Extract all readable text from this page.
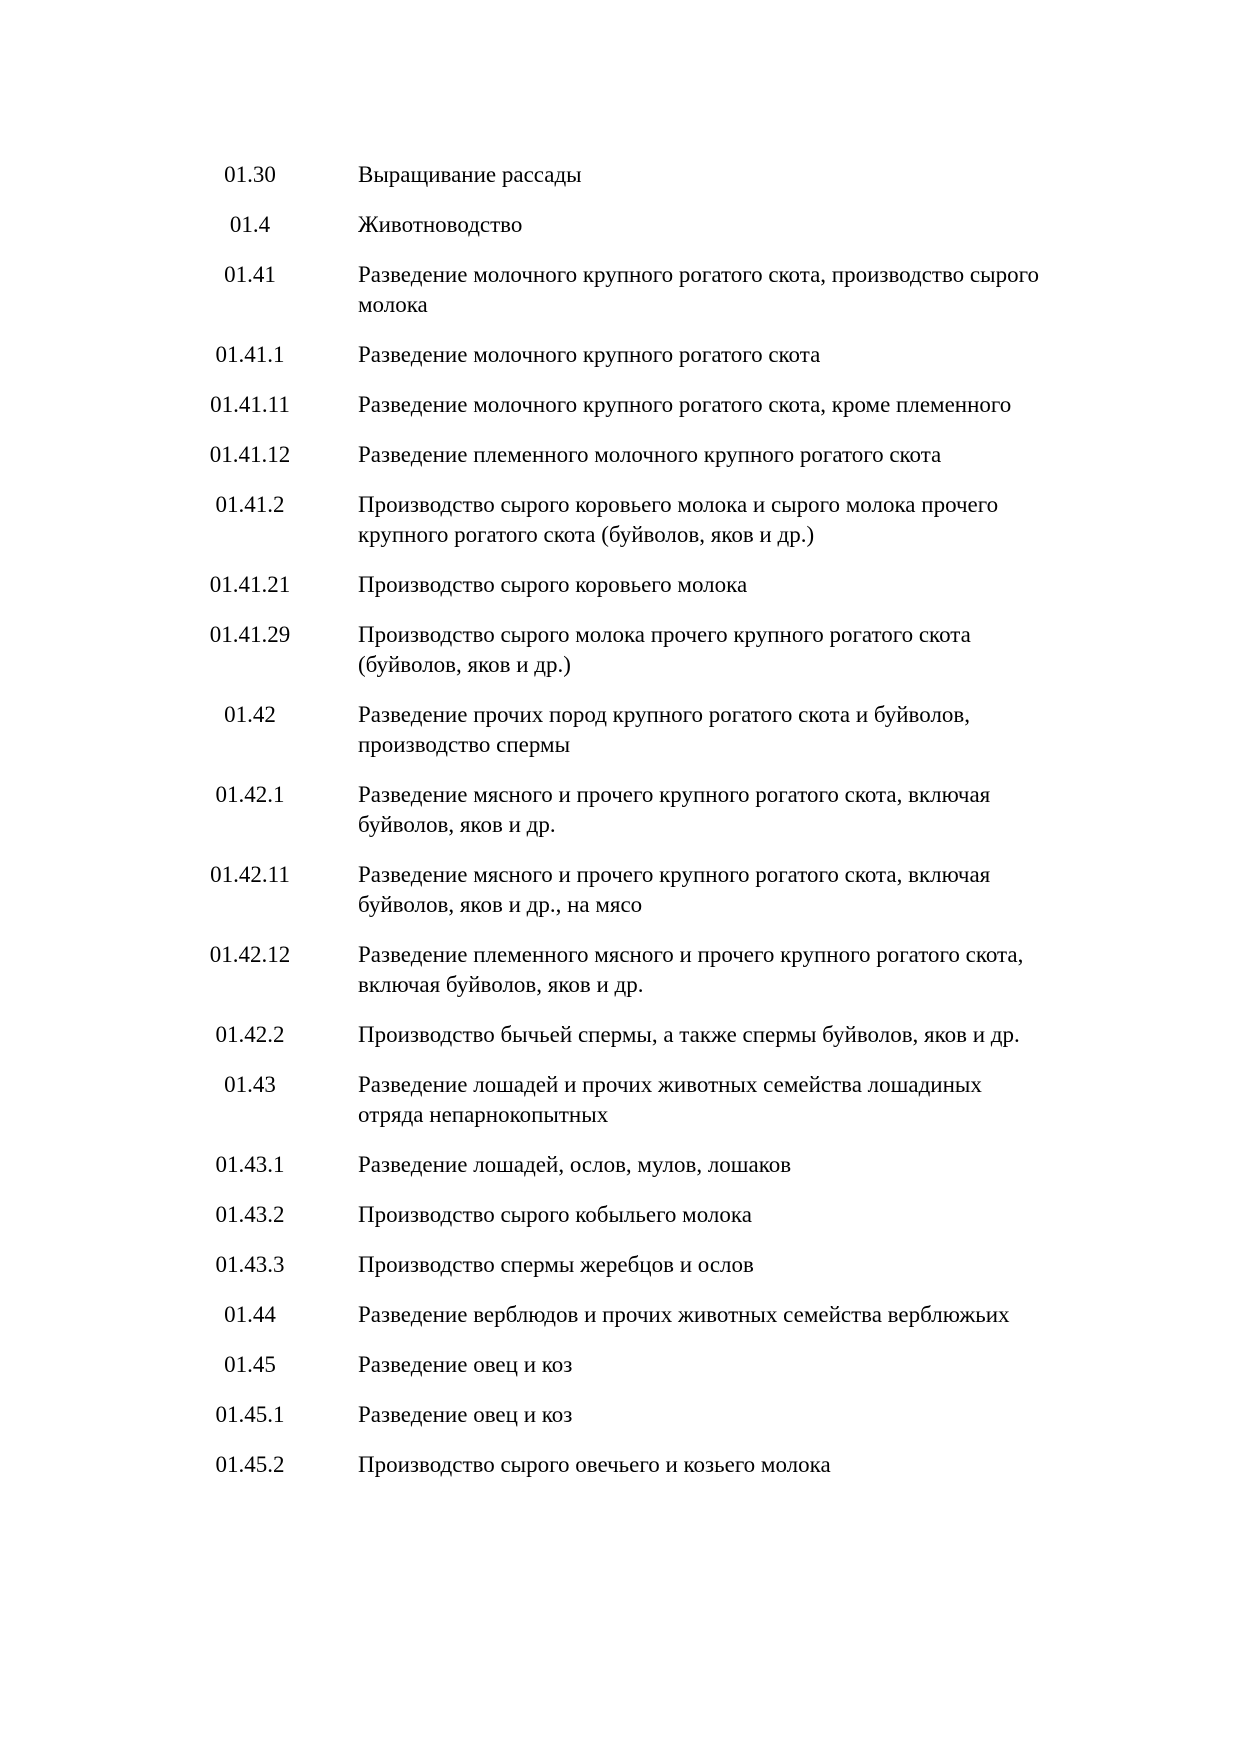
01.30	Выращивание рассады
01.4	Животноводство
01.41	Разведение молочного крупного рогатого скота, производство сырого молока
01.41.1	Разведение молочного крупного рогатого скота
01.41.11	Разведение молочного крупного рогатого скота, кроме племенного
01.41.12	Разведение племенного молочного крупного рогатого скота
01.41.2	Производство сырого коровьего молока и сырого молока прочего крупного рогатого скота (буйволов, яков и др.)
01.41.21	Производство сырого коровьего молока
01.41.29	Производство сырого молока прочего крупного рогатого скота (буйволов, яков и др.)
01.42	Разведение прочих пород крупного рогатого скота и буйволов, производство спермы
01.42.1	Разведение мясного и прочего крупного рогатого скота, включая буйволов, яков и др.
01.42.11	Разведение мясного и прочего крупного рогатого скота, включая буйволов, яков и др., на мясо
01.42.12	Разведение племенного мясного и прочего крупного рогатого скота, включая буйволов, яков и др.
01.42.2	Производство бычьей спермы, а также спермы буйволов, яков и др.
01.43	Разведение лошадей и прочих животных семейства лошадиных отряда непарнокопытных
01.43.1	Разведение лошадей, ослов, мулов, лошаков
01.43.2	Производство сырого кобыльего молока
01.43.3	Производство спермы жеребцов и ослов
01.44	Разведение верблюдов и прочих животных семейства верблюжьих
01.45	Разведение овец и коз
01.45.1	Разведение овец и коз
01.45.2	Производство сырого овечьего и козьего молока
